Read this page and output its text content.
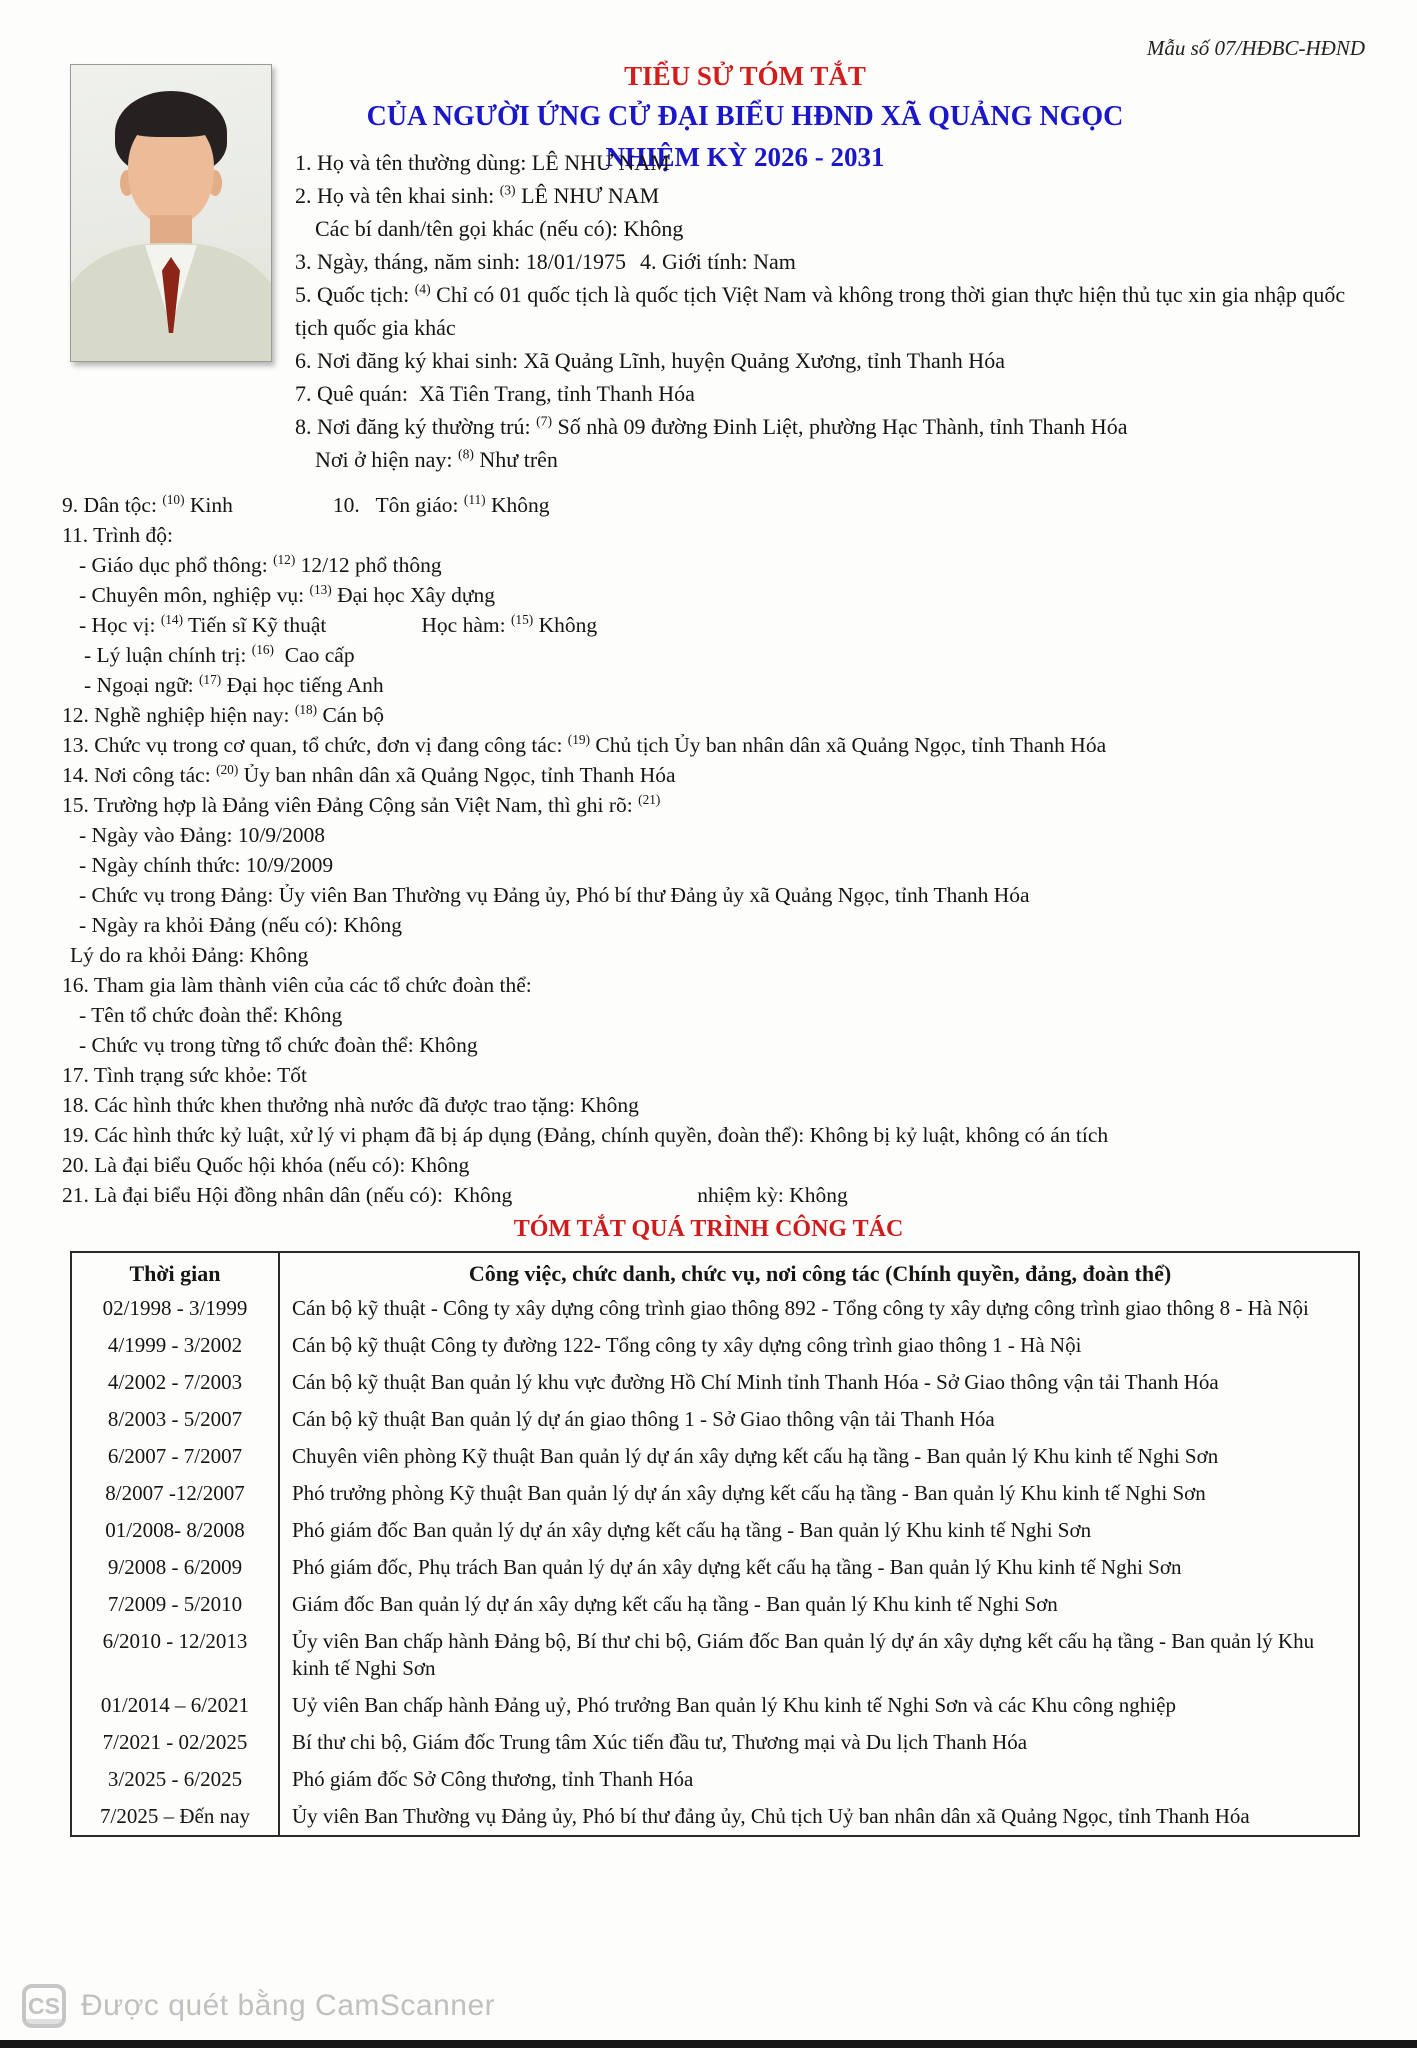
Mẫu số 07/HĐBC-HĐND
TIỂU SỬ TÓM TẮT
CỦA NGƯỜI ỨNG CỬ ĐẠI BIỂU HĐND XÃ QUẢNG NGỌC
NHIỆM KỲ 2026 - 2031
1. Họ và tên thường dùng: LÊ NHƯ NAM
2. Họ và tên khai sinh: $^{(3)}$ LÊ NHƯ NAM
Các bí danh/tên gọi khác (nếu có): Không
3. Ngày, tháng, năm sinh: 18/01/1975 4. Giới tính: Nam
5. Quốc tịch: $^{(4)}$ Chỉ có 01 quốc tịch là quốc tịch Việt Nam và không trong thời gian thực hiện thủ tục xin gia nhập quốc tịch quốc gia khác
6. Nơi đăng ký khai sinh: Xã Quảng Lĩnh, huyện Quảng Xương, tỉnh Thanh Hóa
7. Quê quán:  Xã Tiên Trang, tỉnh Thanh Hóa
8. Nơi đăng ký thường trú: $^{(7)}$ Số nhà 09 đường Đinh Liệt, phường Hạc Thành, tỉnh Thanh Hóa
Nơi ở hiện nay: $^{(8)}$ Như trên
9. Dân tộc: $^{(10)}$ Kinh	10.   Tôn giáo: $^{(11)}$ Không
11. Trình độ:
- Giáo dục phổ thông: $^{(12)}$ 12/12 phổ thông
- Chuyên môn, nghiệp vụ: $^{(13)}$ Đại học Xây dựng
- Học vị: $^{(14)}$ Tiến sĩ Kỹ thuật	Học hàm: $^{(15)}$ Không
- Lý luận chính trị: $^{(16)}$  Cao cấp
- Ngoại ngữ: $^{(17)}$ Đại học tiếng Anh
12. Nghề nghiệp hiện nay: $^{(18)}$ Cán bộ
13. Chức vụ trong cơ quan, tổ chức, đơn vị đang công tác: $^{(19)}$ Chủ tịch Ủy ban nhân dân xã Quảng Ngọc, tỉnh Thanh Hóa
14. Nơi công tác: $^{(20)}$ Ủy ban nhân dân xã Quảng Ngọc, tỉnh Thanh Hóa
15. Trường hợp là Đảng viên Đảng Cộng sản Việt Nam, thì ghi rõ: $^{(21)}$
- Ngày vào Đảng: 10/9/2008
- Ngày chính thức: 10/9/2009
- Chức vụ trong Đảng: Ủy viên Ban Thường vụ Đảng ủy, Phó bí thư Đảng ủy xã Quảng Ngọc, tỉnh Thanh Hóa
- Ngày ra khỏi Đảng (nếu có): Không
Lý do ra khỏi Đảng: Không
16. Tham gia làm thành viên của các tổ chức đoàn thể:
- Tên tổ chức đoàn thể: Không
- Chức vụ trong từng tổ chức đoàn thể: Không
17. Tình trạng sức khỏe: Tốt
18. Các hình thức khen thưởng nhà nước đã được trao tặng: Không
19. Các hình thức kỷ luật, xử lý vi phạm đã bị áp dụng (Đảng, chính quyền, đoàn thể): Không bị kỷ luật, không có án tích
20. Là đại biểu Quốc hội khóa (nếu có): Không
21. Là đại biểu Hội đồng nhân dân (nếu có):  Không	nhiệm kỳ: Không
TÓM TẮT QUÁ TRÌNH CÔNG TÁC
Thời gian	Công việc, chức danh, chức vụ, nơi công tác (Chính quyền, đảng, đoàn thể)
02/1998 - 3/1999	Cán bộ kỹ thuật - Công ty xây dựng công trình giao thông 892 - Tổng công ty xây dựng công trình giao thông 8 - Hà Nội
4/1999 - 3/2002	Cán bộ kỹ thuật Công ty đường 122- Tổng công ty xây dựng công trình giao thông 1 - Hà Nội
4/2002 - 7/2003	Cán bộ kỹ thuật Ban quản lý khu vực đường Hồ Chí Minh tỉnh Thanh Hóa - Sở Giao thông vận tải Thanh Hóa
8/2003 - 5/2007	Cán bộ kỹ thuật Ban quản lý dự án giao thông 1 - Sở Giao thông vận tải Thanh Hóa
6/2007 - 7/2007	Chuyên viên phòng Kỹ thuật Ban quản lý dự án xây dựng kết cấu hạ tầng - Ban quản lý Khu kinh tế Nghi Sơn
8/2007 -12/2007	Phó trưởng phòng Kỹ thuật Ban quản lý dự án xây dựng kết cấu hạ tầng - Ban quản lý Khu kinh tế Nghi Sơn
01/2008- 8/2008	Phó giám đốc Ban quản lý dự án xây dựng kết cấu hạ tầng - Ban quản lý Khu kinh tế Nghi Sơn
9/2008 - 6/2009	Phó giám đốc, Phụ trách Ban quản lý dự án xây dựng kết cấu hạ tầng - Ban quản lý Khu kinh tế Nghi Sơn
7/2009 - 5/2010	Giám đốc Ban quản lý dự án xây dựng kết cấu hạ tầng - Ban quản lý Khu kinh tế Nghi Sơn
6/2010 - 12/2013	Ủy viên Ban chấp hành Đảng bộ, Bí thư chi bộ, Giám đốc Ban quản lý dự án xây dựng kết cấu hạ tầng - Ban quản lý Khu kinh tế Nghi Sơn
01/2014 – 6/2021	Uỷ viên Ban chấp hành Đảng uỷ, Phó trưởng Ban quản lý Khu kinh tế Nghi Sơn và các Khu công nghiệp
7/2021 - 02/2025	Bí thư chi bộ, Giám đốc Trung tâm Xúc tiến đầu tư, Thương mại và Du lịch Thanh Hóa
3/2025 - 6/2025	Phó giám đốc Sở Công thương, tỉnh Thanh Hóa
7/2025 – Đến nay	Ủy viên Ban Thường vụ Đảng ủy, Phó bí thư đảng ủy, Chủ tịch Uỷ ban nhân dân xã Quảng Ngọc, tỉnh Thanh Hóa
CS Được quét bằng CamScanner
